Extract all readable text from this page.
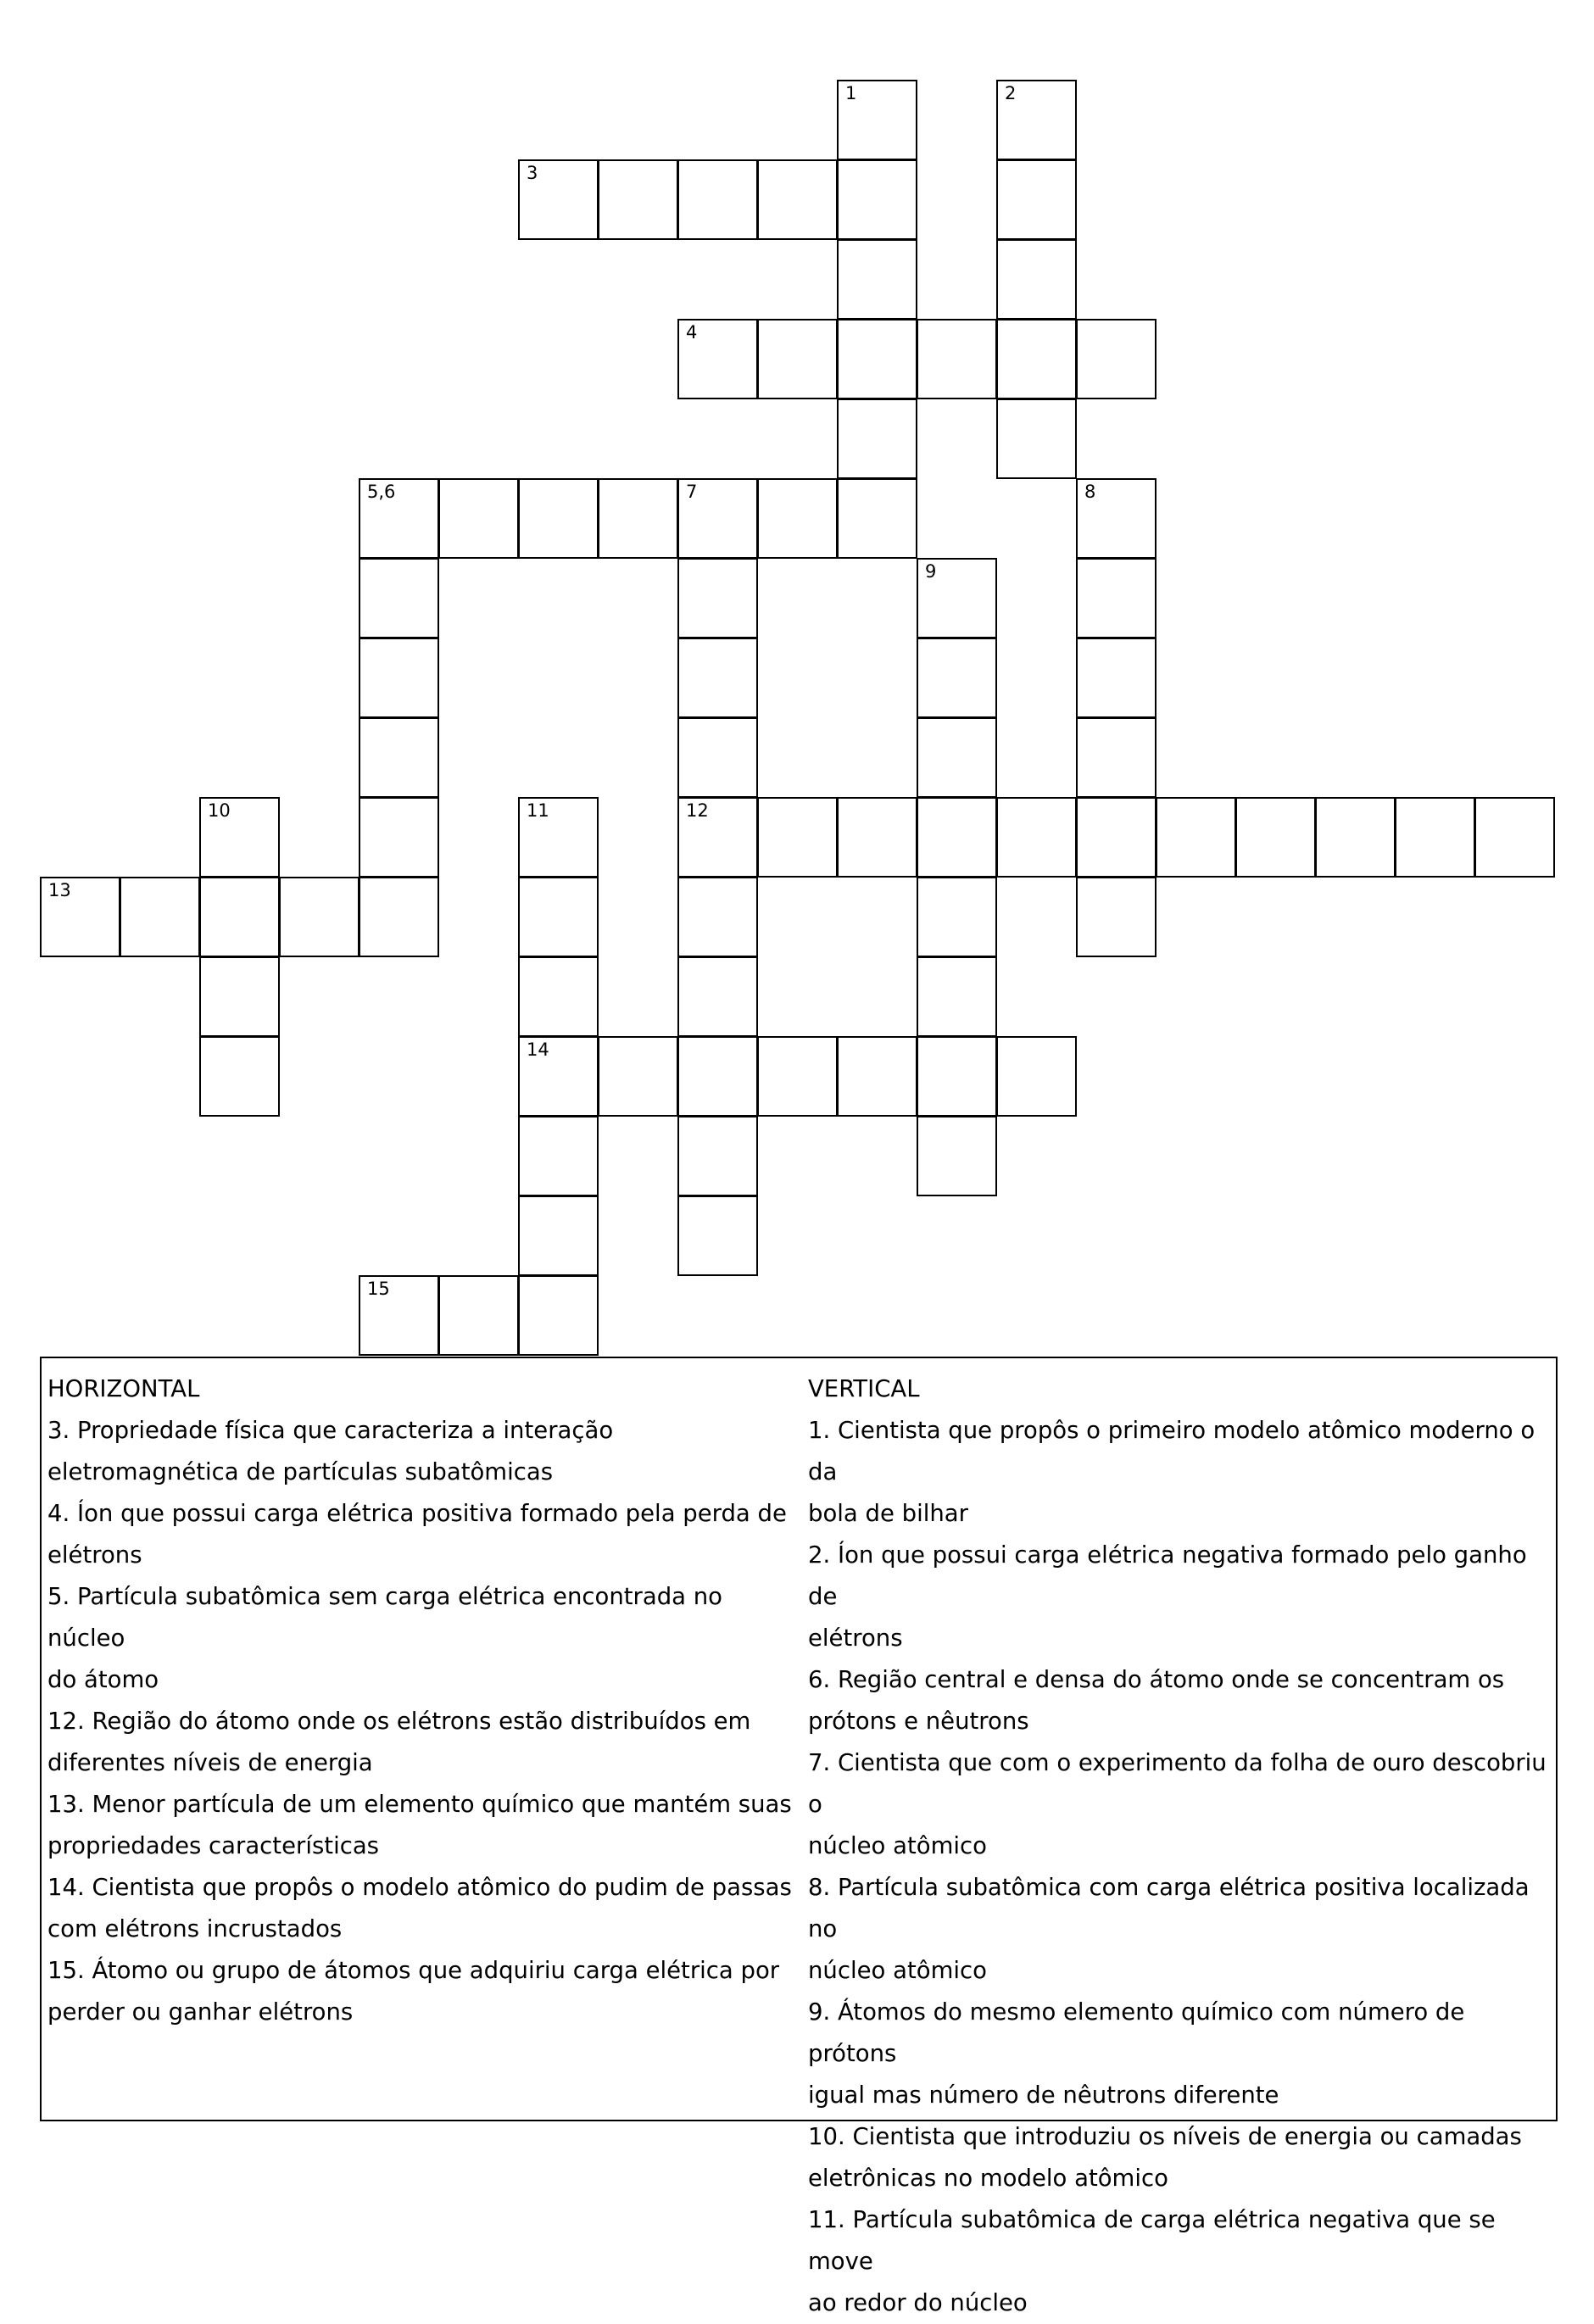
1	2
3
4
5,6	7	8
9
10	11	12
13
14
15
HORIZONTAL
3. Propriedade física que caracteriza a interação
eletromagnética de partículas subatômicas
4. Íon que possui carga elétrica positiva formado pela perda de
elétrons
5. Partícula subatômica sem carga elétrica encontrada no núcleo
do átomo
12. Região do átomo onde os elétrons estão distribuídos em
diferentes níveis de energia
13. Menor partícula de um elemento químico que mantém suas
propriedades características
14. Cientista que propôs o modelo atômico do pudim de passas
com elétrons incrustados
15. Átomo ou grupo de átomos que adquiriu carga elétrica por
perder ou ganhar elétrons
VERTICAL
1. Cientista que propôs o primeiro modelo atômico moderno o da
bola de bilhar
2. Íon que possui carga elétrica negativa formado pelo ganho de
elétrons
6. Região central e densa do átomo onde se concentram os
prótons e nêutrons
7. Cientista que com o experimento da folha de ouro descobriu o
núcleo atômico
8. Partícula subatômica com carga elétrica positiva localizada no
núcleo atômico
9. Átomos do mesmo elemento químico com número de prótons
igual mas número de nêutrons diferente
10. Cientista que introduziu os níveis de energia ou camadas
eletrônicas no modelo atômico
11. Partícula subatômica de carga elétrica negativa que se move
ao redor do núcleo
